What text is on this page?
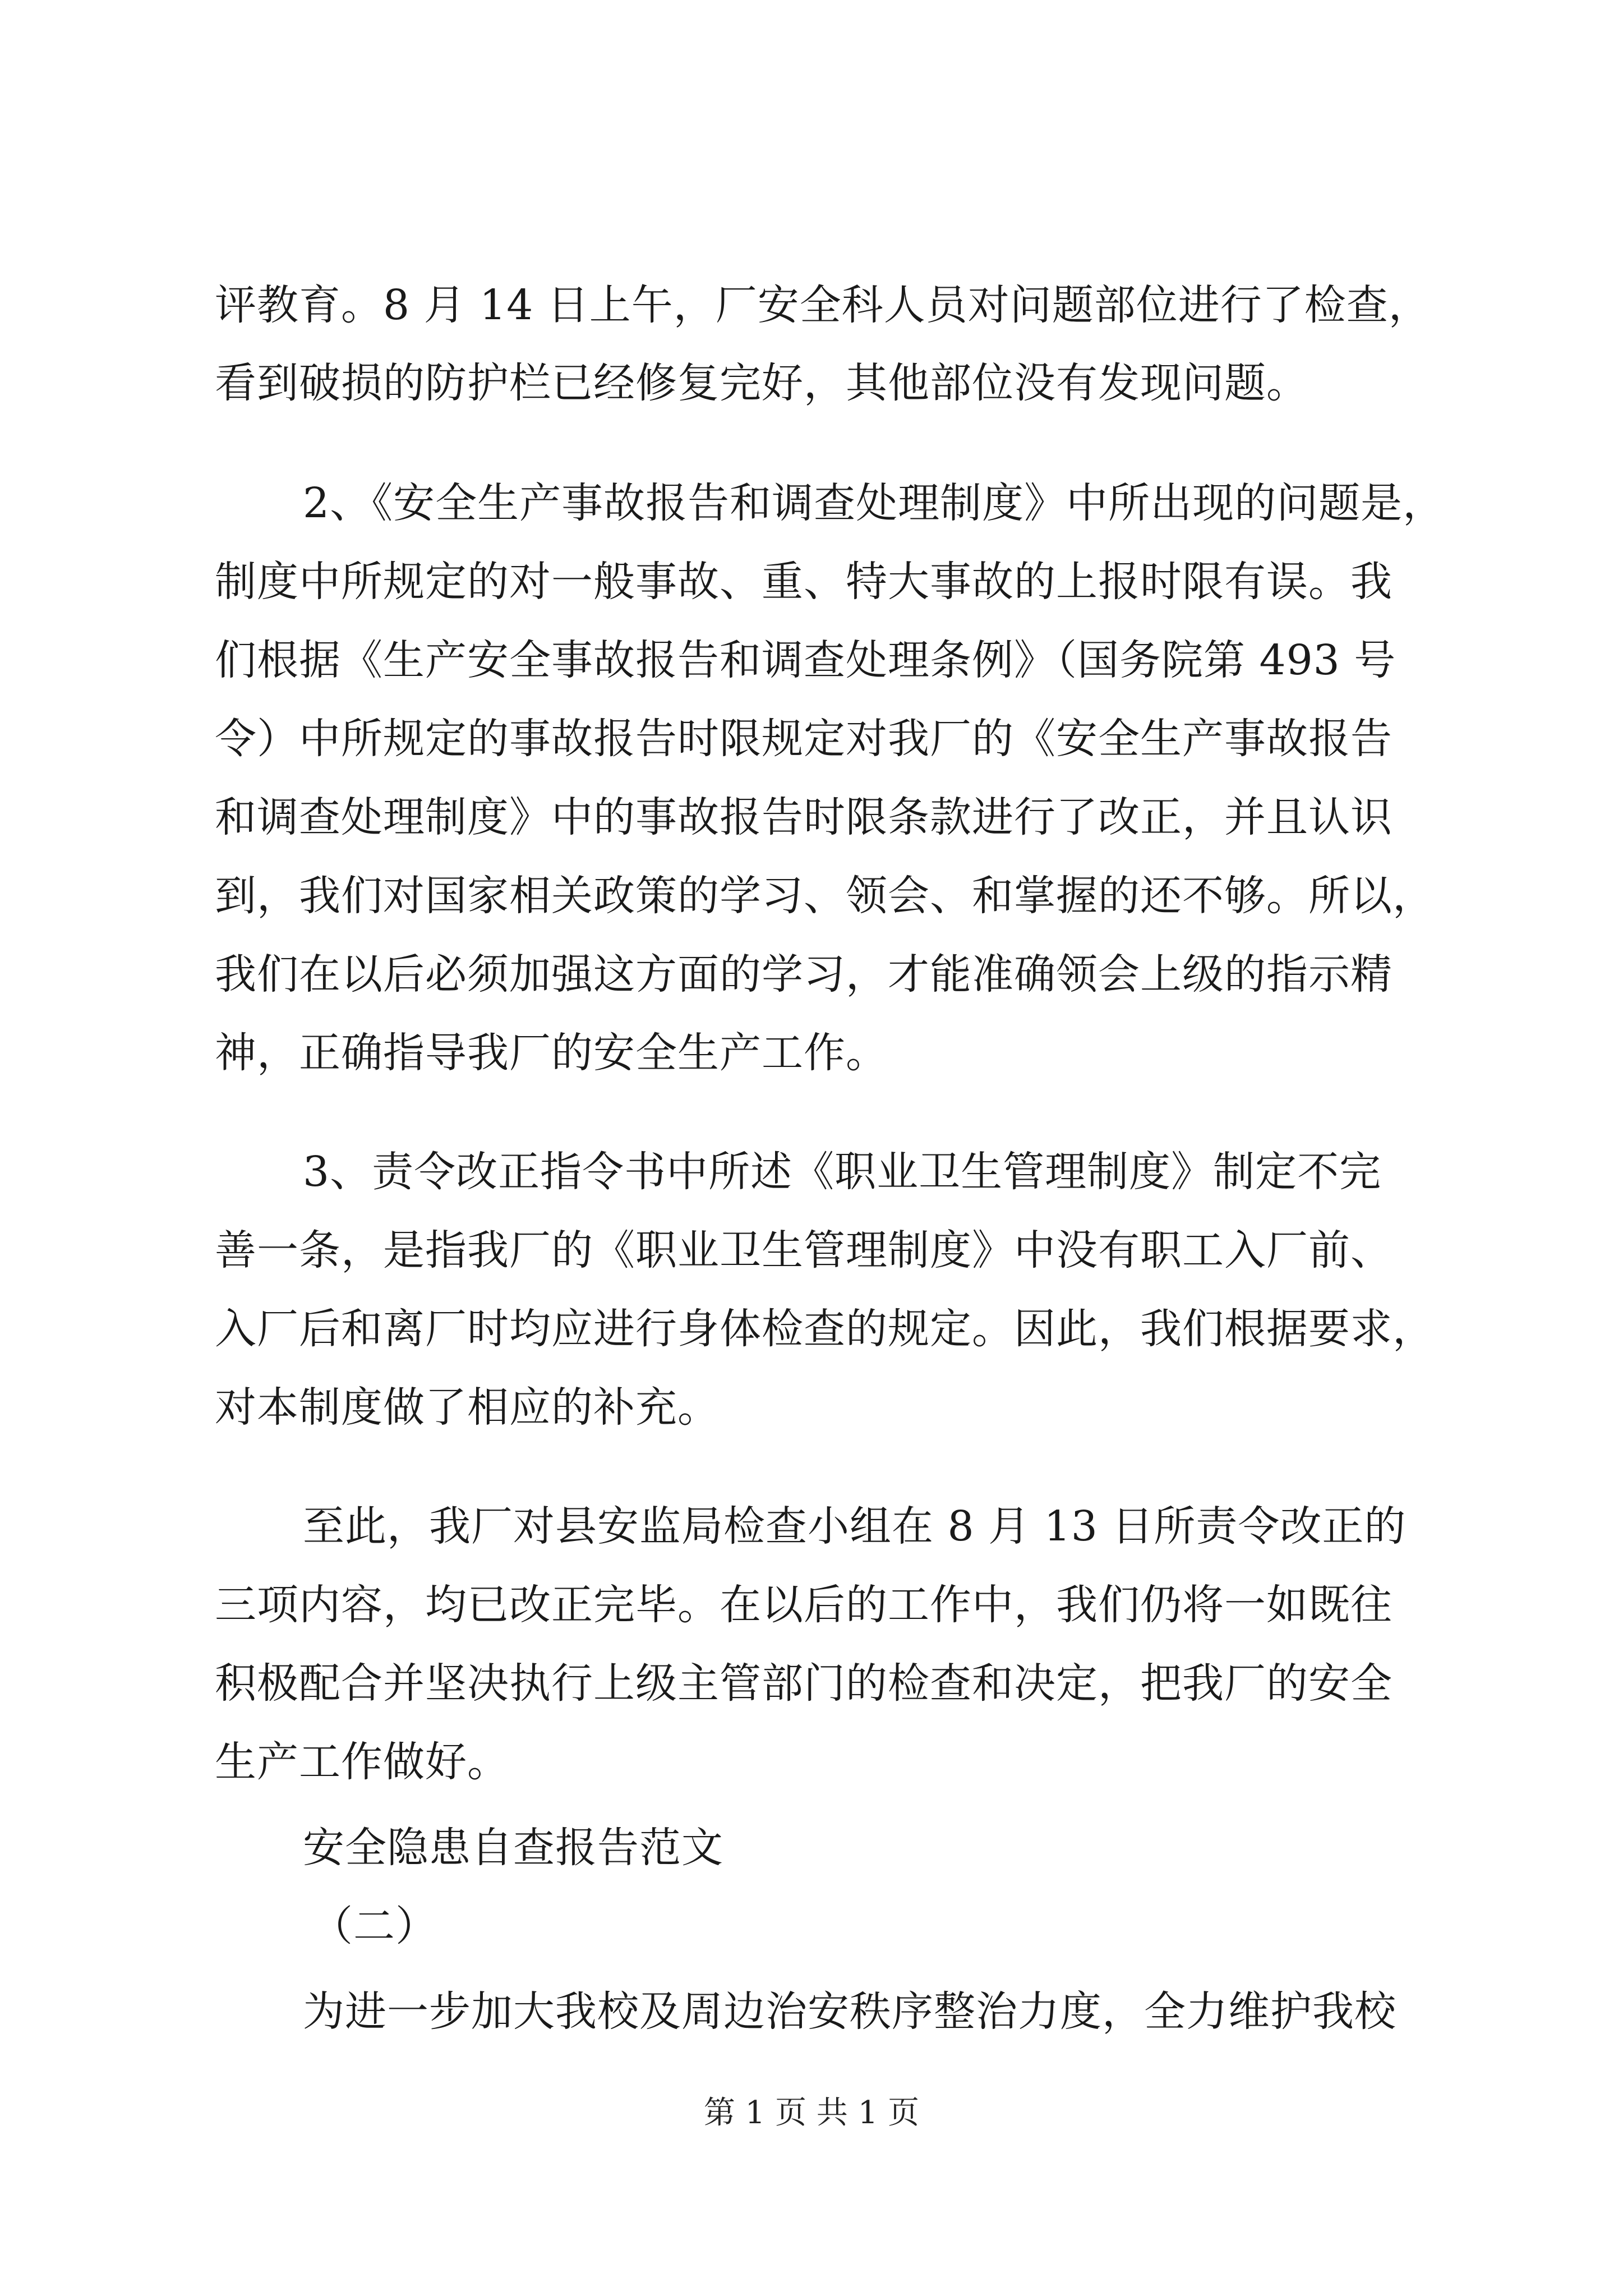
评教育。8 月 14 日上午，厂安全科人员对问题部位进行了检查，
看到破损的防护栏已经修复完好，其他部位没有发现问题。
2、《安全生产事故报告和调查处理制度》中所出现的问题是，
制度中所规定的对一般事故、重、特大事故的上报时限有误。我
们根据《生产安全事故报告和调查处理条例》（国务院第 493 号
令）中所规定的事故报告时限规定对我厂的《安全生产事故报告
和调查处理制度》中的事故报告时限条款进行了改正，并且认识
到，我们对国家相关政策的学习、领会、和掌握的还不够。所以，
我们在以后必须加强这方面的学习，才能准确领会上级的指示精
神，正确指导我厂的安全生产工作。
3、责令改正指令书中所述《职业卫生管理制度》制定不完
善一条，是指我厂的《职业卫生管理制度》中没有职工入厂前、
入厂后和离厂时均应进行身体检查的规定。因此，我们根据要求，
对本制度做了相应的补充。
至此，我厂对县安监局检查小组在 8 月 13 日所责令改正的
三项内容，均已改正完毕。在以后的工作中，我们仍将一如既往
积极配合并坚决执行上级主管部门的检查和决定，把我厂的安全
生产工作做好。
安全隐患自查报告范文
（二）
为进一步加大我校及周边治安秩序整治力度，全力维护我校
第 1 页 共 1 页
